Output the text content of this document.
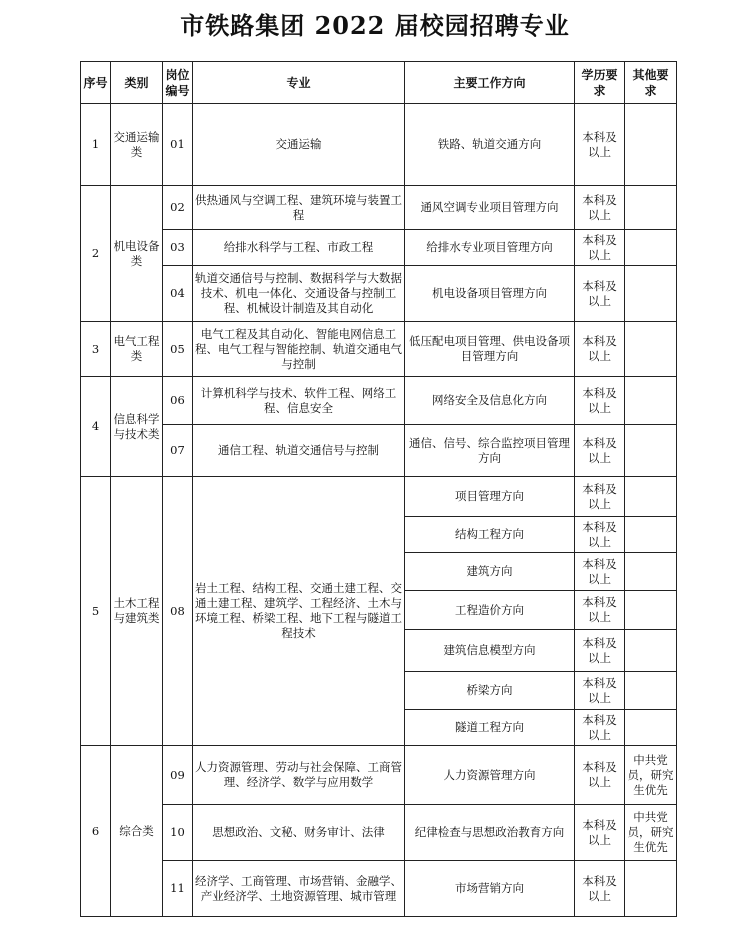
市铁路集团 2022 届校园招聘专业
序号	类别	岗位编号	专业	主要工作方向	学历要求	其他要求
1	交通运输类	01	交通运输	铁路、轨道交通方向	本科及以上	
2	机电设备类	02	供热通风与空调工程、建筑环境与装置工程	通风空调专业项目管理方向	本科及以上	
		03	给排水科学与工程、市政工程	给排水专业项目管理方向	本科及以上	
		04	轨道交通信号与控制、数据科学与大数据技术、机电一体化、交通设备与控制工程、机械设计制造及其自动化	机电设备项目管理方向	本科及以上	
3	电气工程类	05	电气工程及其自动化、智能电网信息工程、电气工程与智能控制、轨道交通电气与控制	低压配电项目管理、供电设备项目管理方向	本科及以上	
4	信息科学与技术类	06	计算机科学与技术、软件工程、网络工程、信息安全	网络安全及信息化方向	本科及以上	
		07	通信工程、轨道交通信号与控制	通信、信号、综合监控项目管理方向	本科及以上	
5	土木工程与建筑类	08	岩土工程、结构工程、交通土建工程、交通土建工程、建筑学、工程经济、土木与环境工程、桥梁工程、地下工程与隧道工程技术	项目管理方向	本科及以上	
				结构工程方向	本科及以上	
				建筑方向	本科及以上	
				工程造价方向	本科及以上	
				建筑信息模型方向	本科及以上	
				桥梁方向	本科及以上	
				隧道工程方向	本科及以上	
6	综合类	09	人力资源管理、劳动与社会保障、工商管理、经济学、数学与应用数学	人力资源管理方向	本科及以上	中共党员，研究生优先
		10	思想政治、文秘、财务审计、法律	纪律检查与思想政治教育方向	本科及以上	中共党员，研究生优先
		11	经济学、工商管理、市场营销、金融学、产业经济学、土地资源管理、城市管理	市场营销方向	本科及以上	
